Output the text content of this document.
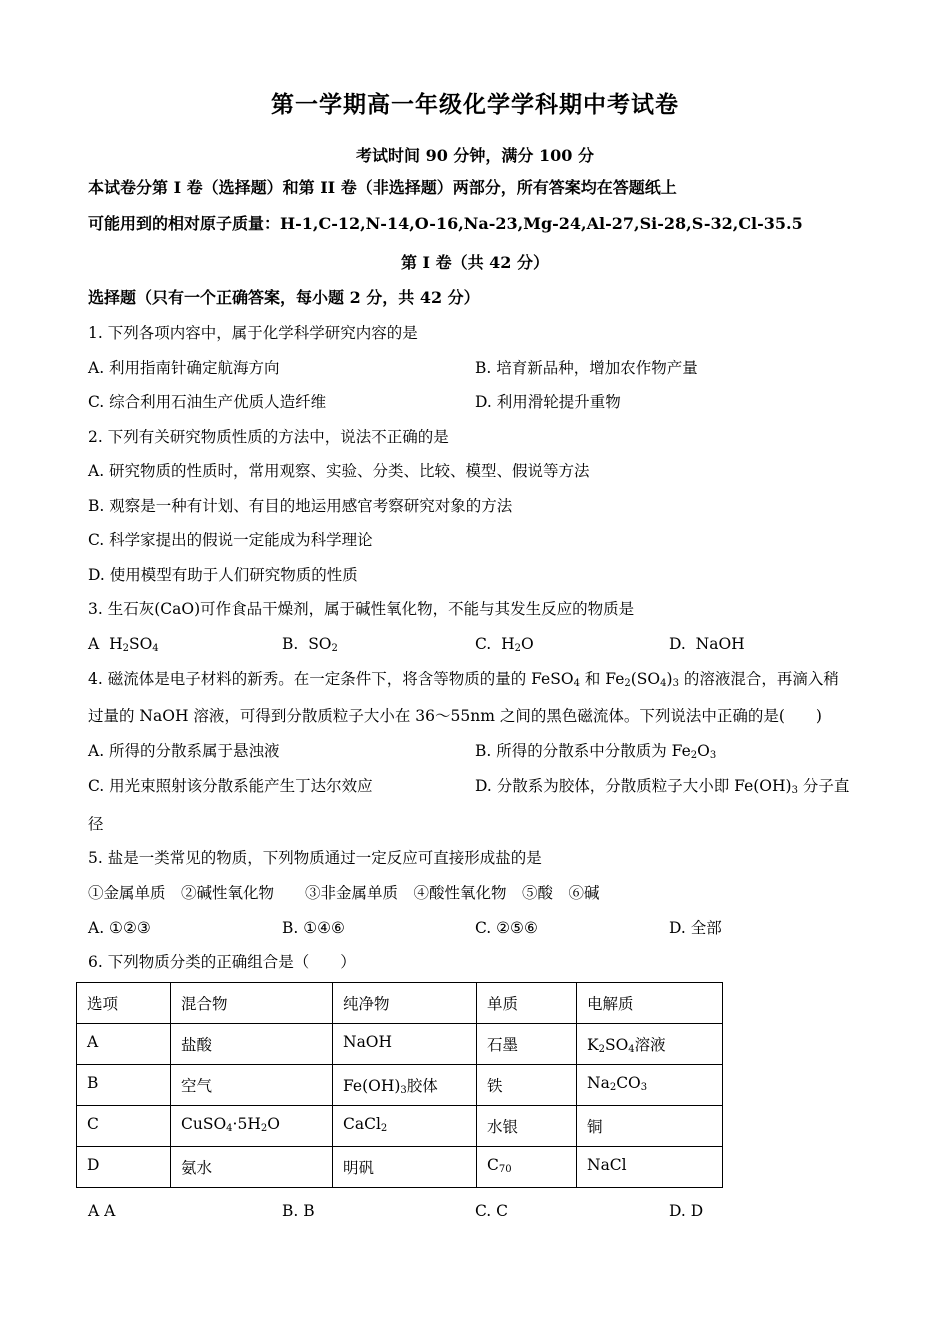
第一学期高一年级化学学科期中考试卷
考试时间 90 分钟，满分 100 分
本试卷分第 I 卷（选择题）和第 II 卷（非选择题）两部分，所有答案均在答题纸上
可能用到的相对原子质量：H-1,C-12,N-14,O-16,Na-23,Mg-24,Al-27,Si-28,S-32,Cl-35.5
第 I 卷（共 42 分）
选择题（只有一个正确答案，每小题 2 分，共 42 分）
1. 下列各项内容中，属于化学科学研究内容的是
A. 利用指南针确定航海方向	B. 培育新品种，增加农作物产量
C. 综合利用石油生产优质人造纤维	D. 利用滑轮提升重物
2. 下列有关研究物质性质的方法中，说法不正确的是
A. 研究物质的性质时，常用观察、实验、分类、比较、模型、假说等方法
B. 观察是一种有计划、有目的地运用感官考察研究对象的方法
C. 科学家提出的假说一定能成为科学理论
D. 使用模型有助于人们研究物质的性质
3. 生石灰(CaO)可作食品干燥剂，属于碱性氧化物，不能与其发生反应的物质是
A $H_2SO_4$	B. $SO_2$	C. $H_2O$	D. NaOH
4. 磁流体是电子材料的新秀。在一定条件下，将含等物质的量的 FeSO$_4$ 和 $Fe_2(SO_4)_3$ 的溶液混合，再滴入稍
过量的 NaOH 溶液，可得到分散质粒子大小在 36～55nm 之间的黑色磁流体。下列说法中正确的是(　　)
A. 所得的分散系属于悬浊液	B. 所得的分散系中分散质为 $Fe_2O_3$
C. 用光束照射该分散系能产生丁达尔效应	D. 分散系为胶体，分散质粒子大小即 $Fe(OH)_3$ 分子直
径
5. 盐是一类常见的物质，下列物质通过一定反应可直接形成盐的是
①金属单质　②碱性氧化物　　③非金属单质　④酸性氧化物　⑤酸　⑥碱
A. ①②③	B. ①④⑥	C. ②⑤⑥	D. 全部
6. 下列物质分类的正确组合是（　　）
选项	混合物	纯净物	单质	电解质
A	盐酸	NaOH	石墨	$K_2SO_4$溶液
B	空气	$Fe(OH)_3$胶体	铁	$Na_2CO_3$
C	$CuSO_4\cdot 5H_2O$	CaCl$_2$	水银	铜
D	氨水	明矾	$C_{70}$	NaCl
A A	B. B	C. C	D. D
